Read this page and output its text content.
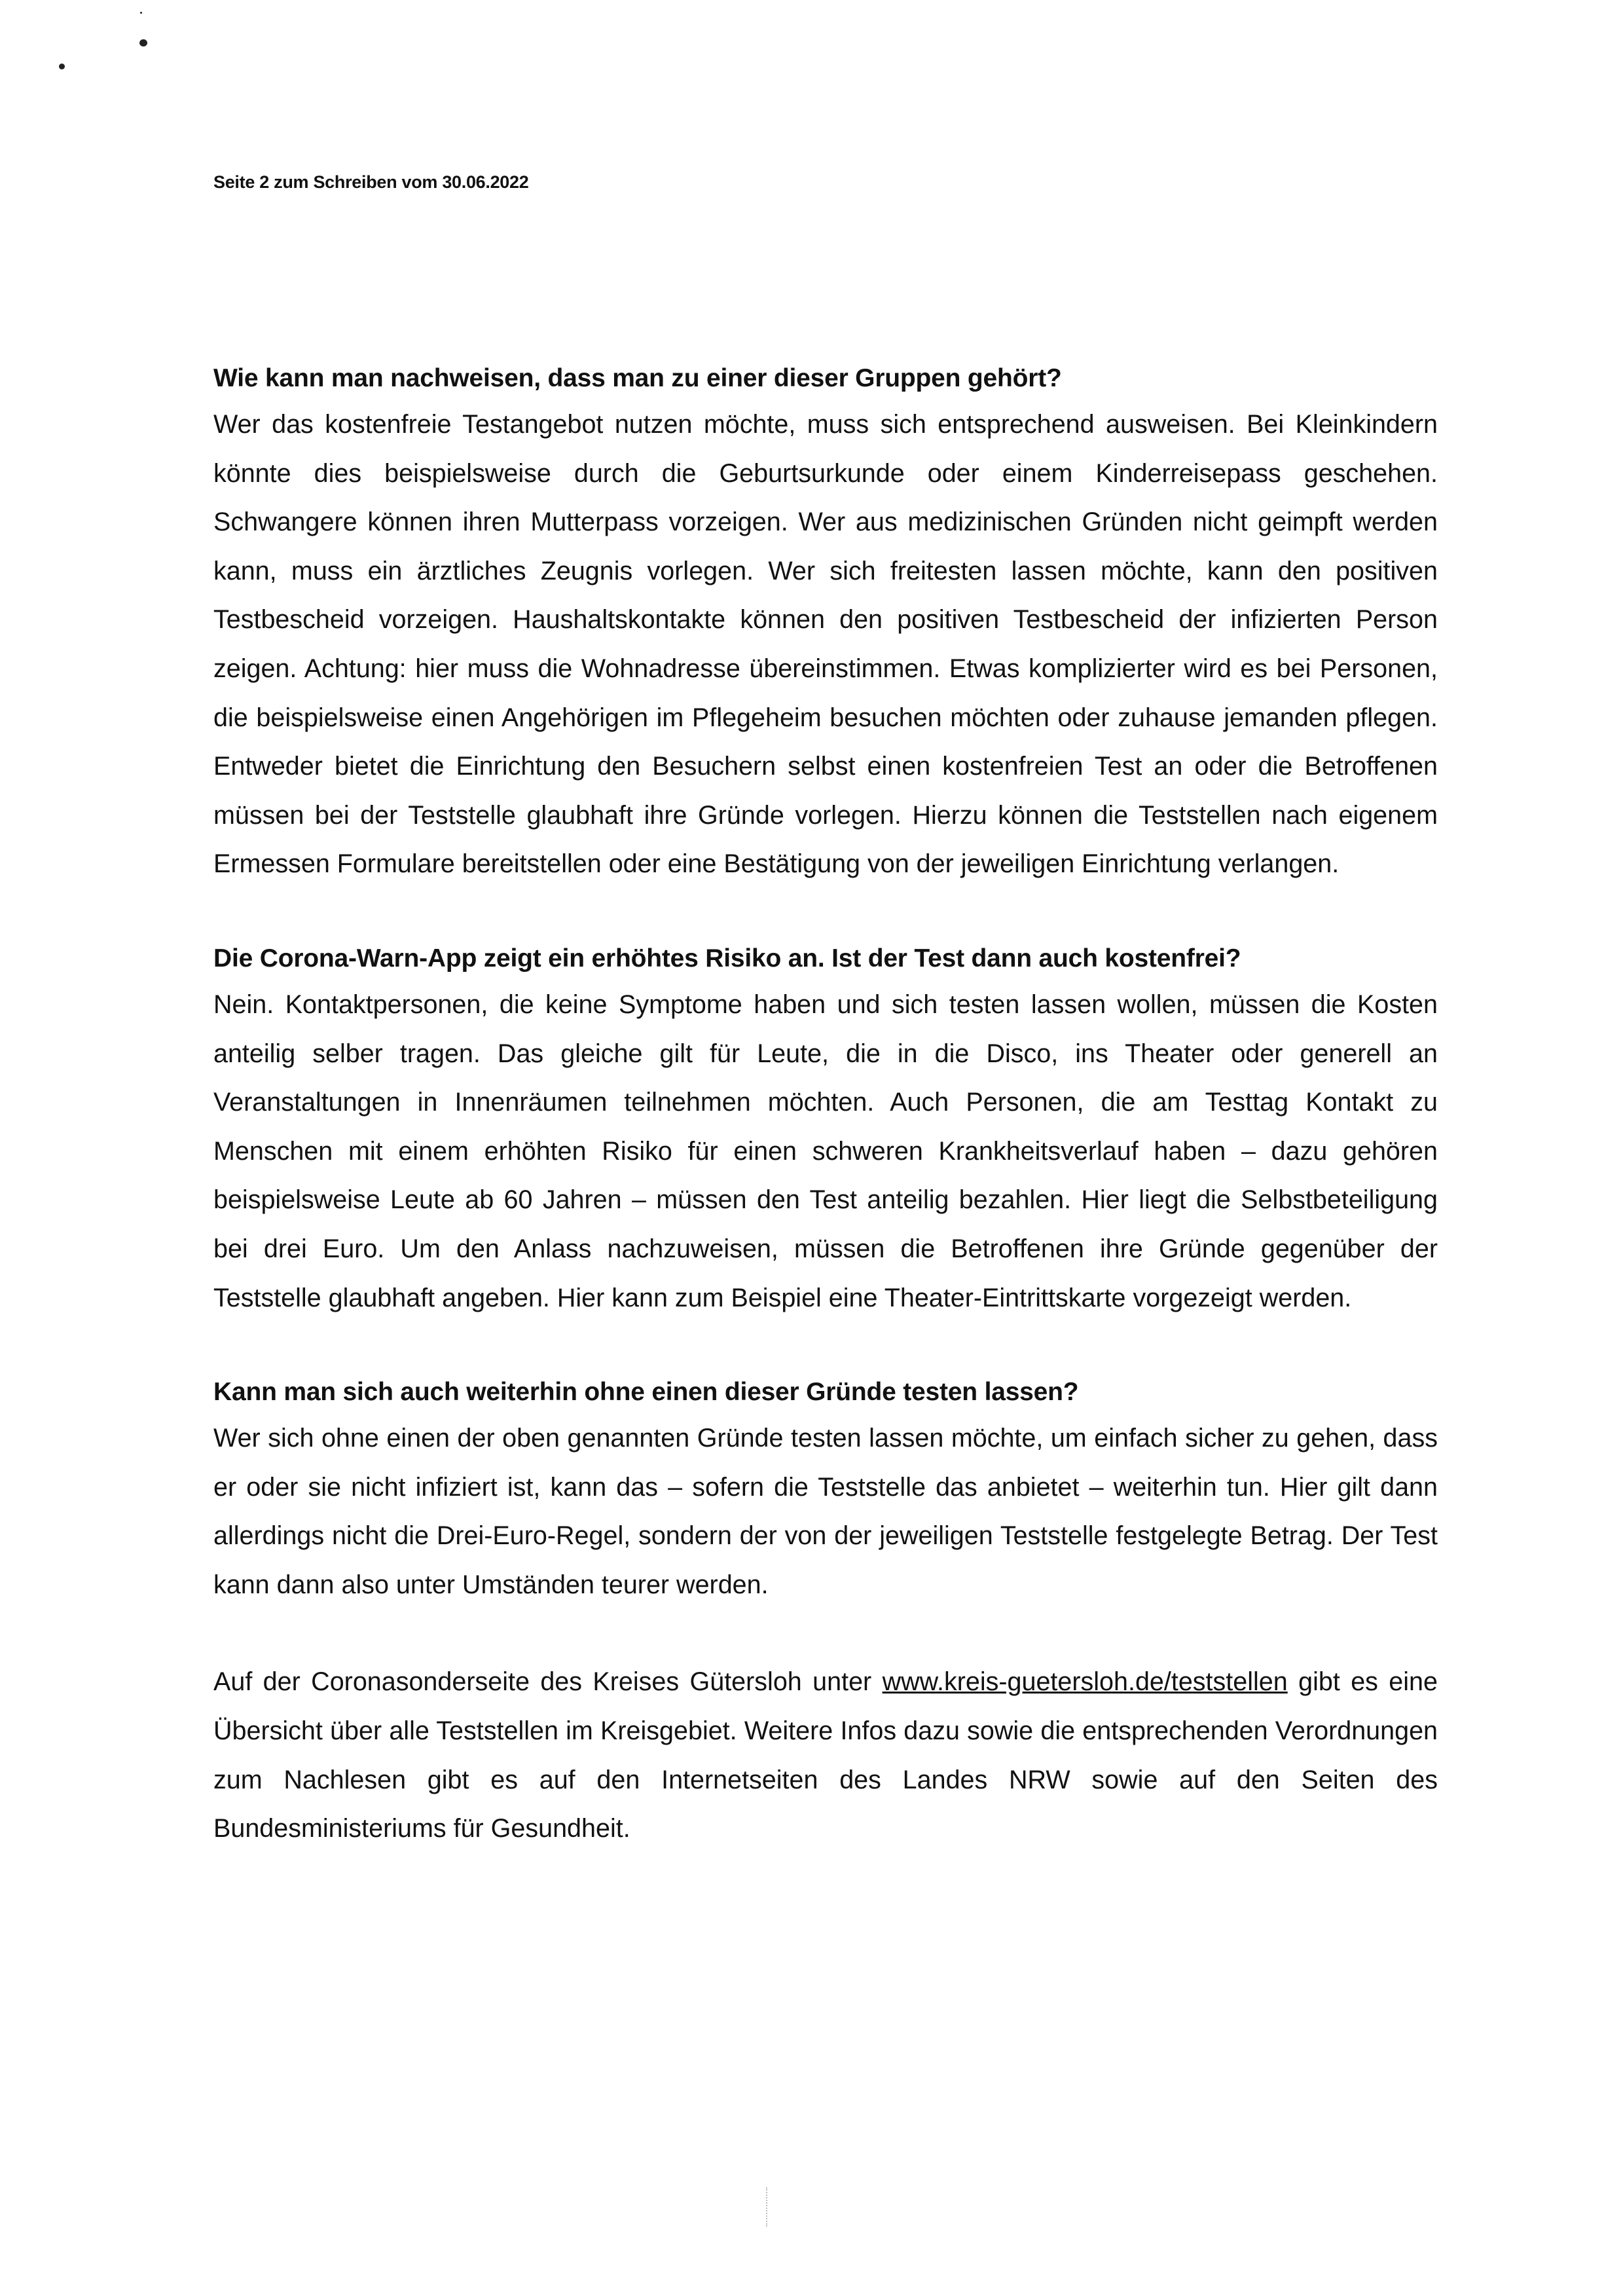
Seite 2 zum Schreiben vom 30.06.2022
Wie kann man nachweisen, dass man zu einer dieser Gruppen gehört?

Wer das kostenfreie Testangebot nutzen möchte, muss sich entsprechend ausweisen. Bei Kleinkindern könnte dies beispielsweise durch die Geburtsurkunde oder einem Kinderreisepass geschehen. Schwangere können ihren Mutterpass vorzeigen. Wer aus medizinischen Gründen nicht geimpft werden kann, muss ein ärztliches Zeugnis vorlegen. Wer sich freitesten lassen möchte, kann den positiven Testbescheid vorzeigen. Haushaltskontakte können den positiven Testbescheid der infizierten Person zeigen. Achtung: hier muss die Wohnadresse übereinstimmen. Etwas komplizierter wird es bei Personen, die beispielsweise einen Angehörigen im Pflegeheim besuchen möchten oder zuhause jemanden pflegen. Entweder bietet die Einrichtung den Besuchern selbst einen kostenfreien Test an oder die Betroffenen müssen bei der Teststelle glaubhaft ihre Gründe vorlegen. Hierzu können die Teststellen nach eigenem Ermessen Formulare bereitstellen oder eine Bestätigung von der jeweiligen Einrichtung verlangen.

Die Corona-Warn-App zeigt ein erhöhtes Risiko an. Ist der Test dann auch kostenfrei?

Nein. Kontaktpersonen, die keine Symptome haben und sich testen lassen wollen, müssen die Kosten anteilig selber tragen. Das gleiche gilt für Leute, die in die Disco, ins Theater oder generell an Veranstaltungen in Innenräumen teilnehmen möchten. Auch Personen, die am Testtag Kontakt zu Menschen mit einem erhöhten Risiko für einen schweren Krankheitsverlauf haben – dazu gehören beispielsweise Leute ab 60 Jahren – müssen den Test anteilig bezahlen. Hier liegt die Selbstbeteiligung bei drei Euro. Um den Anlass nachzuweisen, müssen die Betroffenen ihre Gründe gegenüber der Teststelle glaubhaft angeben. Hier kann zum Beispiel eine Theater-Eintrittskarte vorgezeigt werden.

Kann man sich auch weiterhin ohne einen dieser Gründe testen lassen?

Wer sich ohne einen der oben genannten Gründe testen lassen möchte, um einfach sicher zu gehen, dass er oder sie nicht infiziert ist, kann das – sofern die Teststelle das anbietet – weiterhin tun. Hier gilt dann allerdings nicht die Drei-Euro-Regel, sondern der von der jeweiligen Teststelle festgelegte Betrag. Der Test kann dann also unter Umständen teurer werden.

Auf der Coronasonderseite des Kreises Gütersloh unter www.kreis-guetersloh.de/teststellen gibt es eine Übersicht über alle Teststellen im Kreisgebiet. Weitere Infos dazu sowie die entsprechenden Verordnungen zum Nachlesen gibt es auf den Internetseiten des Landes NRW sowie auf den Seiten des Bundesministeriums für Gesundheit.
